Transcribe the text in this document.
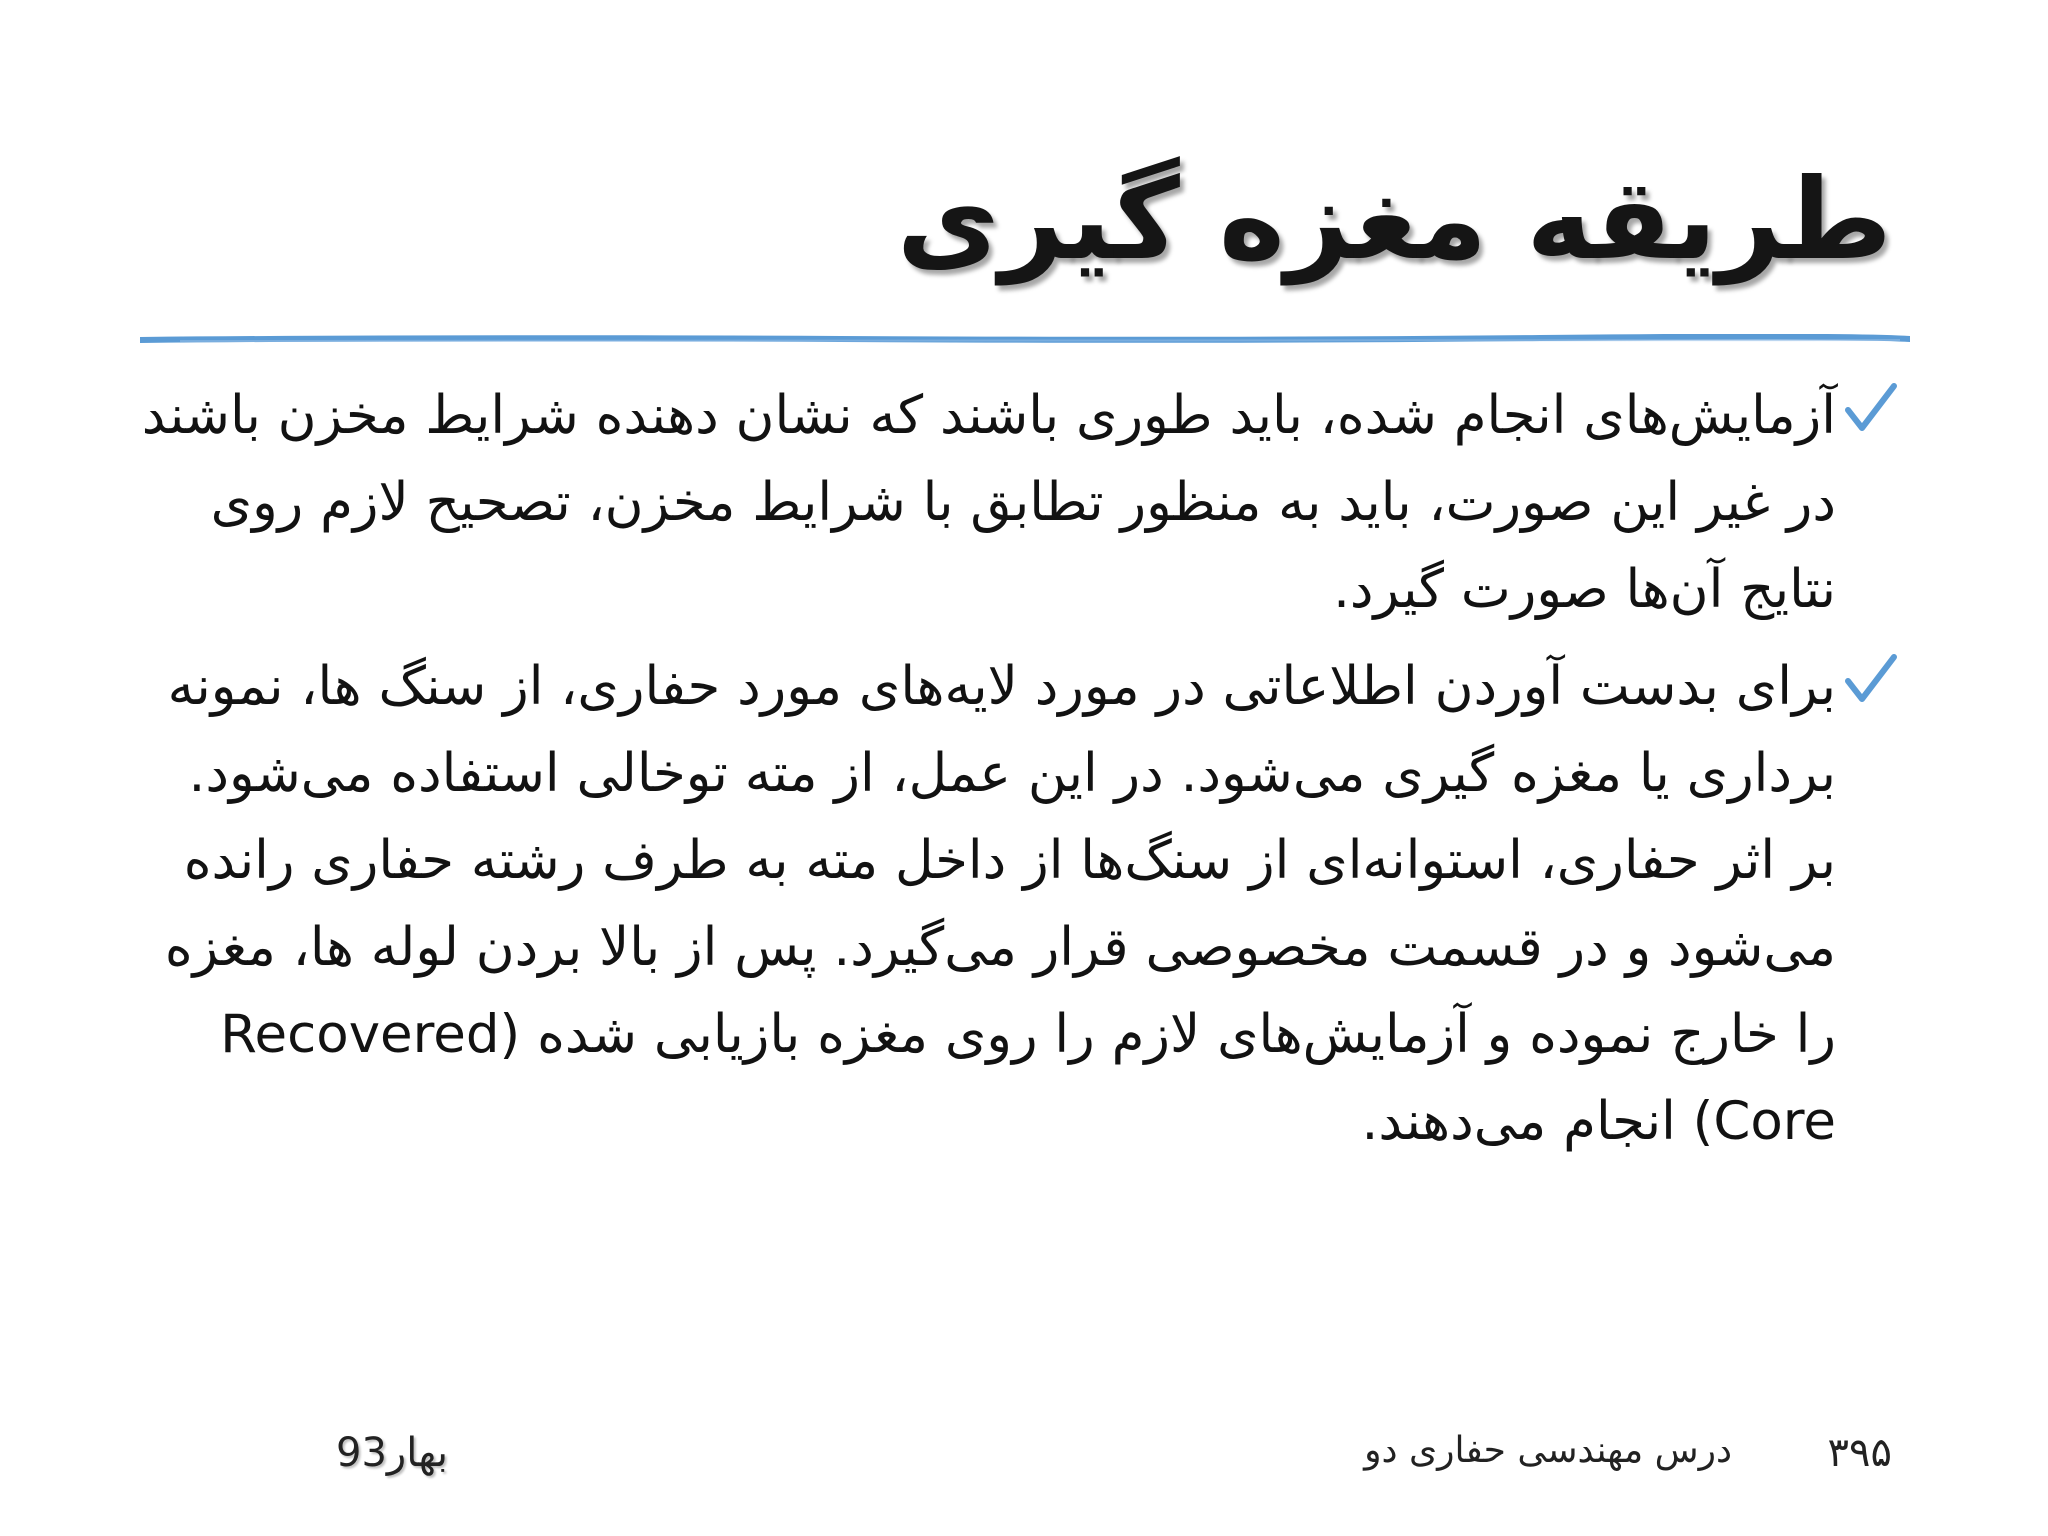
طریقه مغزه گیری
آزمایش‌های انجام شده، باید طوری باشند که نشان دهنده شرایط مخزن باشند در غیر این صورت، باید به منظور تطابق با شرایط مخزن، تصحیح لازم روی نتایج آن‌ها صورت گیرد.
برای بدست آوردن اطلاعاتی در مورد لایه‌های مورد حفاری، از سنگ ها، نمونه برداری یا مغزه گیری می‌شود. در این عمل، از مته توخالی استفاده می‌شود. بر اثر حفاری، استوانه‌ای از سنگ‌ها از داخل مته به طرف رشته حفاری رانده می‌شود و در قسمت مخصوصی قرار می‌گیرد. پس از بالا بردن لوله ها، مغزه را خارج نموده و آزمایش‌های لازم را روی مغزه بازیابی شده (Recovered Core) انجام می‌دهند.
۳۹۵
درس مهندسی حفاری دو
بهار93
